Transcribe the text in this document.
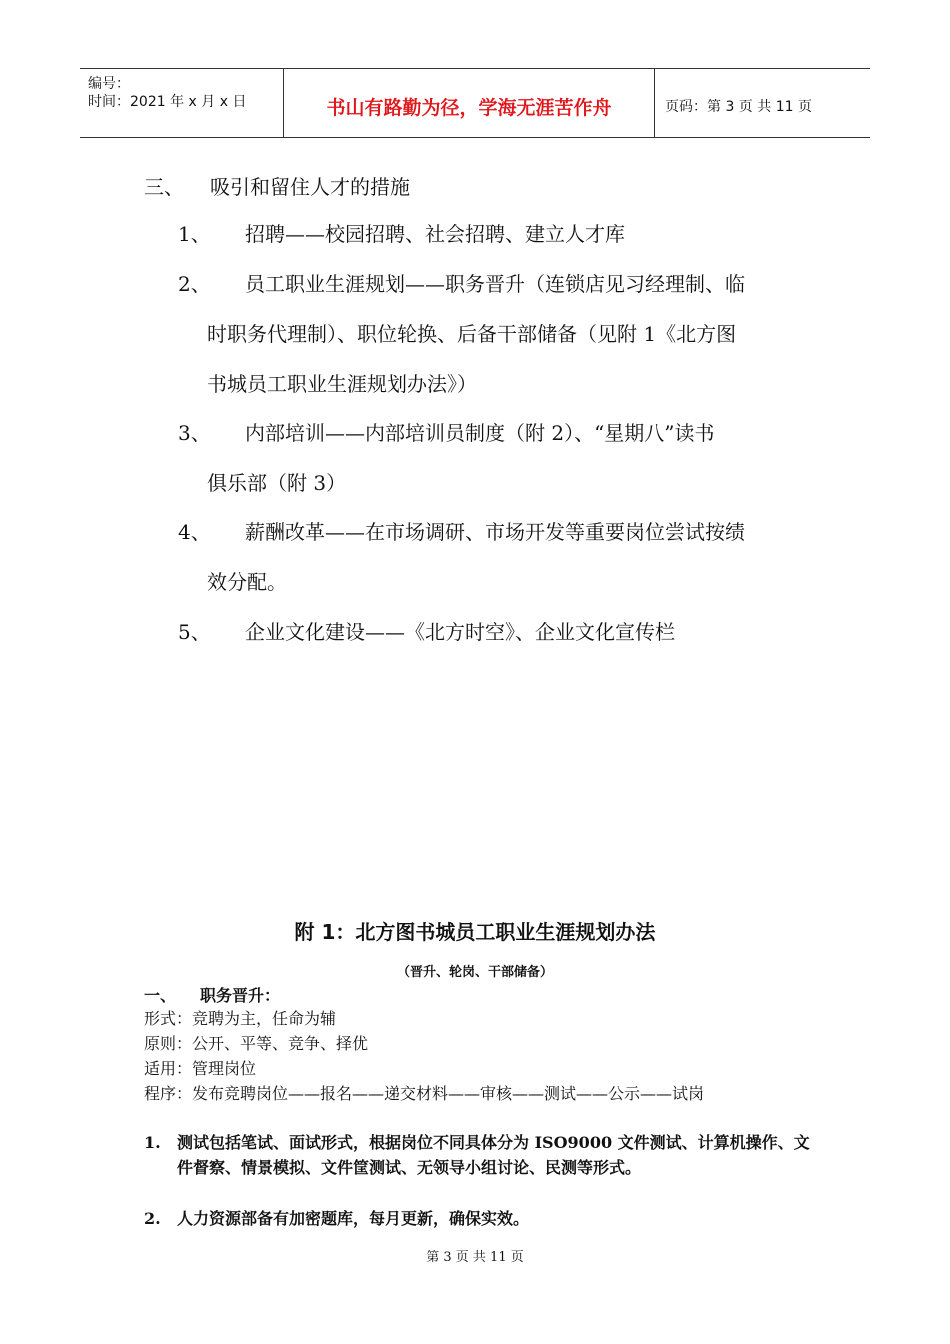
编号：
时间：2021 年 x 月 x 日	书山有路勤为径，学海无涯苦作舟	页码：第 3 页 共 11 页
三、 吸引和留住人才的措施
1、 招聘——校园招聘、社会招聘、建立人才库
2、 员工职业生涯规划——职务晋升（连锁店见习经理制、临
时职务代理制）、职位轮换、后备干部储备（见附 1《北方图
书城员工职业生涯规划办法》）
3、 内部培训——内部培训员制度（附 2）、“星期八”读书
俱乐部（附 3）
4、 薪酬改革——在市场调研、市场开发等重要岗位尝试按绩
效分配。
5、 企业文化建设——《北方时空》、企业文化宣传栏
附 1：北方图书城员工职业生涯规划办法
（晋升、轮岗、干部储备）
一、 职务晋升：
形式：竞聘为主，任命为辅
原则：公开、平等、竞争、择优
适用：管理岗位
程序：发布竞聘岗位——报名——递交材料——审核——测试——公示——试岗
1. 测试包括笔试、面试形式，根据岗位不同具体分为 ISO9000 文件测试、计算机操作、文件督察、情景模拟、文件筐测试、无领导小组讨论、民测等形式。
2. 人力资源部备有加密题库，每月更新，确保实效。
第 3 页 共 11 页
